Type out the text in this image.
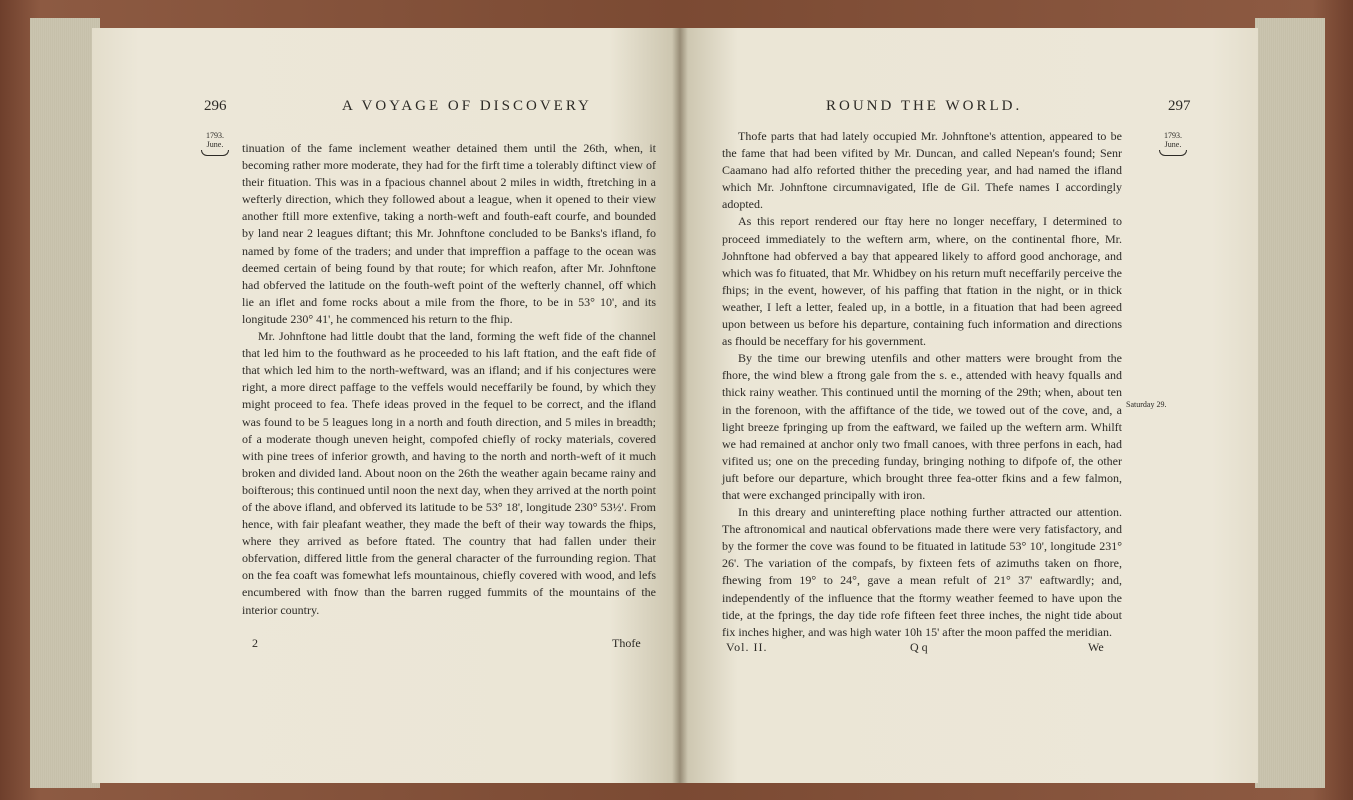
296	A VOYAGE OF DISCOVERY
1793.
June.	tinuation of the fame inclement weather detained them until the 26th, when, it becoming rather more moderate, they had for the firft time a tolerably diftinct view of their fituation. This was in a fpacious channel about 2 miles in width, ftretching in a wefterly direction, which they followed about a league, when it opened to their view another ftill more extenfive, taking a north-weft and fouth-eaft courfe, and bounded by land near 2 leagues diftant; this Mr. Johnftone concluded to be Banks's ifland, fo named by fome of the traders; and under that impreffion a paffage to the ocean was deemed certain of being found by that route; for which reafon, after Mr. Johnftone had obferved the latitude on the fouth-weft point of the wefterly channel, off which lie an iflet and fome rocks about a mile from the fhore, to be in 53° 10', and its longitude 230° 41', he commenced his return to the fhip.

Mr. Johnftone had little doubt that the land, forming the weft fide of the channel that led him to the fouthward as he proceeded to his laft ftation, and the eaft fide of that which led him to the north-weftward, was an ifland; and if his conjectures were right, a more direct paffage to the veffels would neceffarily be found, by which they might proceed to fea. Thefe ideas proved in the fequel to be correct, and the ifland was found to be 5 leagues long in a north and fouth direction, and 5 miles in breadth; of a moderate though uneven height, compofed chiefly of rocky materials, covered with pine trees of inferior growth, and having to the north and north-weft of it much broken and divided land. About noon on the 26th the weather again became rainy and boifterous; this continued until noon the next day, when they arrived at the north point of the above ifland, and obferved its latitude to be 53° 18', longitude 230° 53½'. From hence, with fair pleafant weather, they made the beft of their way towards the fhips, where they arrived as before ftated. The country that had fallen under their obfervation, differed little from the general character of the furrounding region. That on the fea coaft was fomewhat lefs mountainous, chiefly covered with wood, and lefs encumbered with fnow than the barren rugged fummits of the mountains of the interior country.

2	Thofe
ROUND THE WORLD.	297
1793.
June.
Saturday 29.

Thofe parts that had lately occupied Mr. Johnftone's attention, appeared to be the fame that had been vifited by Mr. Duncan, and called Nepean's found; Senr Caamano had alfo reforted thither the preceding year, and had named the ifland which Mr. Johnftone circumnavigated, Ifle de Gil. Thefe names I accordingly adopted.

As this report rendered our ftay here no longer neceffary, I determined to proceed immediately to the weftern arm, where, on the continental fhore, Mr. Johnftone had obferved a bay that appeared likely to afford good anchorage, and which was fo fituated, that Mr. Whidbey on his return muft neceffarily perceive the fhips; in the event, however, of his paffing that ftation in the night, or in thick weather, I left a letter, fealed up, in a bottle, in a fituation that had been agreed upon between us before his departure, containing fuch information and directions as fhould be neceffary for his government.

By the time our brewing utenfils and other matters were brought from the fhore, the wind blew a ftrong gale from the s. e., attended with heavy fqualls and thick rainy weather. This continued until the morning of the 29th; when, about ten in the forenoon, with the affiftance of the tide, we towed out of the cove, and, a light breeze fpringing up from the eaftward, we failed up the weftern arm. Whilft we had remained at anchor only two fmall canoes, with three perfons in each, had vifited us; one on the preceding funday, bringing nothing to difpofe of, the other juft before our departure, which brought three fea-otter fkins and a few falmon, that were exchanged principally with iron.

In this dreary and uninterefting place nothing further attracted our attention. The aftronomical and nautical obfervations made there were very fatisfactory, and by the former the cove was found to be fituated in latitude 53° 10', longitude 231° 26'. The variation of the compafs, by fixteen fets of azimuths taken on fhore, fhewing from 19° to 24°, gave a mean refult of 21° 37' eaftwardly; and, independently of the influence that the ftormy weather feemed to have upon the tide, at the fprings, the day tide rofe fifteen feet three inches, the night tide about fix inches higher, and was high water 10h 15' after the moon paffed the meridian.

Vol. II.	Q q	We
